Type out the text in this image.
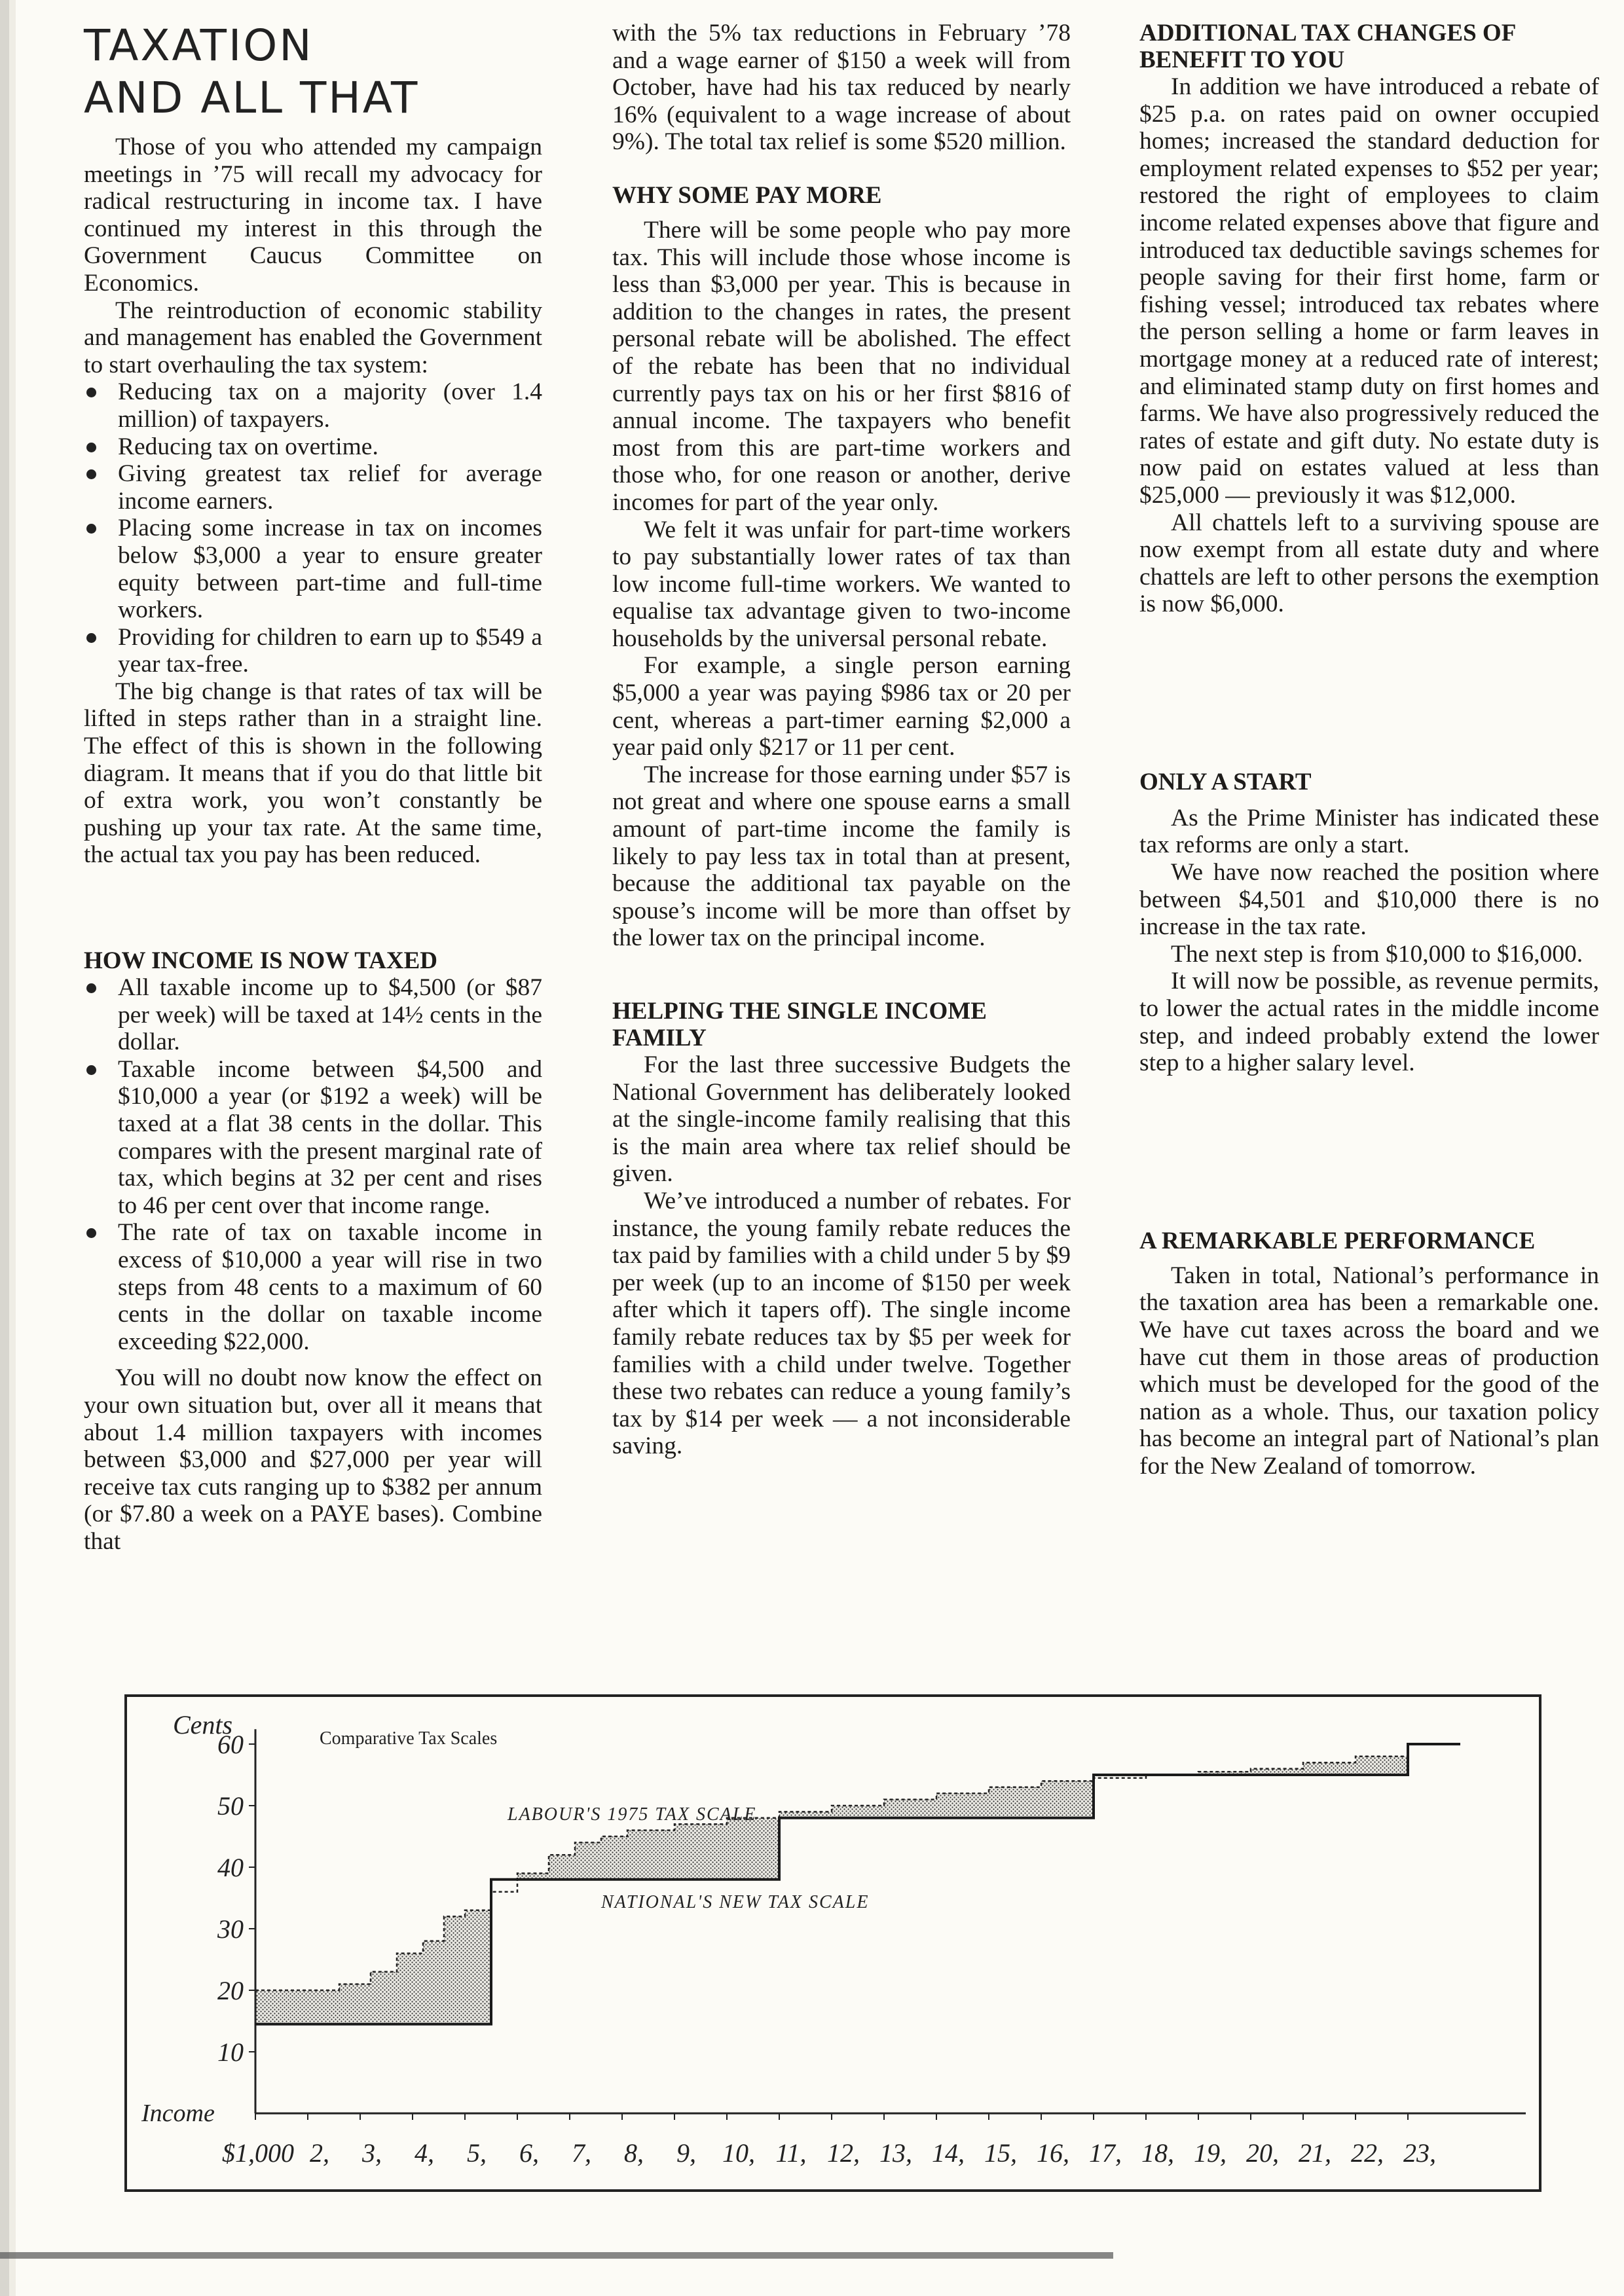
TAXATION
AND ALL THAT

Those of you who attended my campaign meetings in ’75 will recall my advocacy for radical restructuring in income tax. I have continued my interest in this through the Government Caucus Committee on Economics.

The reintroduction of economic stability and management has enabled the Government to start overhauling the tax system:

Reducing tax on a majority (over 1.4 million) of taxpayers.
Reducing tax on overtime.
Giving greatest tax relief for average income earners.
Placing some increase in tax on incomes below $3,000 a year to ensure greater equity between part-time and full-time workers.
Providing for children to earn up to $549 a year tax-free.

The big change is that rates of tax will be lifted in steps rather than in a straight line. The effect of this is shown in the following diagram. It means that if you do that little bit of extra work, you won’t constantly be pushing up your tax rate. At the same time, the actual tax you pay has been reduced.

HOW INCOME IS NOW TAXED
All taxable income up to $4,500 (or $87 per week) will be taxed at 14½ cents in the dollar.
Taxable income between $4,500 and $10,000 a year (or $192 a week) will be taxed at a flat 38 cents in the dollar. This compares with the present marginal rate of tax, which begins at 32 per cent and rises to 46 per cent over that income range.
The rate of tax on taxable income in excess of $10,000 a year will rise in two steps from 48 cents to a maximum of 60 cents in the dollar on taxable income exceeding $22,000.

You will no doubt now know the effect on your own situation but, over all it means that about 1.4 million taxpayers with incomes between $3,000 and $27,000 per year will receive tax cuts ranging up to $382 per annum (or $7.80 a week on a PAYE bases). Combine that

with the 5% tax reductions in February ’78 and a wage earner of $150 a week will from October, have had his tax reduced by nearly 16% (equivalent to a wage increase of about 9%). The total tax relief is some $520 million.

WHY SOME PAY MORE

There will be some people who pay more tax. This will include those whose income is less than $3,000 per year. This is because in addition to the changes in rates, the present personal rebate will be abolished. The effect of the rebate has been that no individual currently pays tax on his or her first $816 of annual income. The taxpayers who benefit most from this are part-time workers and those who, for one reason or another, derive incomes for part of the year only.

We felt it was unfair for part-time workers to pay substantially lower rates of tax than low income full-time workers. We wanted to equalise tax advantage given to two-income households by the universal personal rebate.

For example, a single person earning $5,000 a year was paying $986 tax or 20 per cent, whereas a part-timer earning $2,000 a year paid only $217 or 11 per cent.

The increase for those earning under $57 is not great and where one spouse earns a small amount of part-time income the family is likely to pay less tax in total than at present, because the additional tax payable on the spouse’s income will be more than offset by the lower tax on the principal income.

HELPING THE SINGLE INCOME FAMILY

For the last three successive Budgets the National Government has deliberately looked at the single-income family realising that this is the main area where tax relief should be given.

We’ve introduced a number of rebates. For instance, the young family rebate reduces the tax paid by families with a child under 5 by $9 per week (up to an income of $150 per week after which it tapers off). The single income family rebate reduces tax by $5 per week for families with a child under twelve. Together these two rebates can reduce a young family’s tax by $14 per week — a not inconsiderable saving.

ADDITIONAL TAX CHANGES OF BENEFIT TO YOU

In addition we have introduced a rebate of $25 p.a. on rates paid on owner occupied homes; increased the standard deduction for employment related expenses to $52 per year; restored the right of employees to claim income related expenses above that figure and introduced tax deductible savings schemes for people saving for their first home, farm or fishing vessel; introduced tax rebates where the person selling a home or farm leaves in mortgage money at a reduced rate of interest; and eliminated stamp duty on first homes and farms. We have also progressively reduced the rates of estate and gift duty. No estate duty is now paid on estates valued at less than $25,000 — previously it was $12,000.

All chattels left to a surviving spouse are now exempt from all estate duty and where chattels are left to other persons the exemption is now $6,000.

ONLY A START

As the Prime Minister has indicated these tax reforms are only a start.

We have now reached the position where between $4,501 and $10,000 there is no increase in the tax rate.

The next step is from $10,000 to $16,000.

It will now be possible, as revenue permits, to lower the actual rates in the middle income step, and indeed probably extend the lower step to a higher salary level.

A REMARKABLE PERFORMANCE

Taken in total, National’s performance in the taxation area has been a remarkable one. We have cut taxes across the board and we have cut them in those areas of production which must be developed for the good of the nation as a whole. Thus, our taxation policy has become an integral part of National’s plan for the New Zealand of tomorrow.

10
20
30
40
50
60
$1,000 2, 3, 4, 5, 6, 7, 8, 9, 10, 11, 12, 13, 14, 15, 16, 17, 18, 19, 20, 21, 22, 23,
Comparative Tax Scales
Cents
Income
LABOUR'S 1975 TAX SCALE
NATIONAL'S NEW TAX SCALE
